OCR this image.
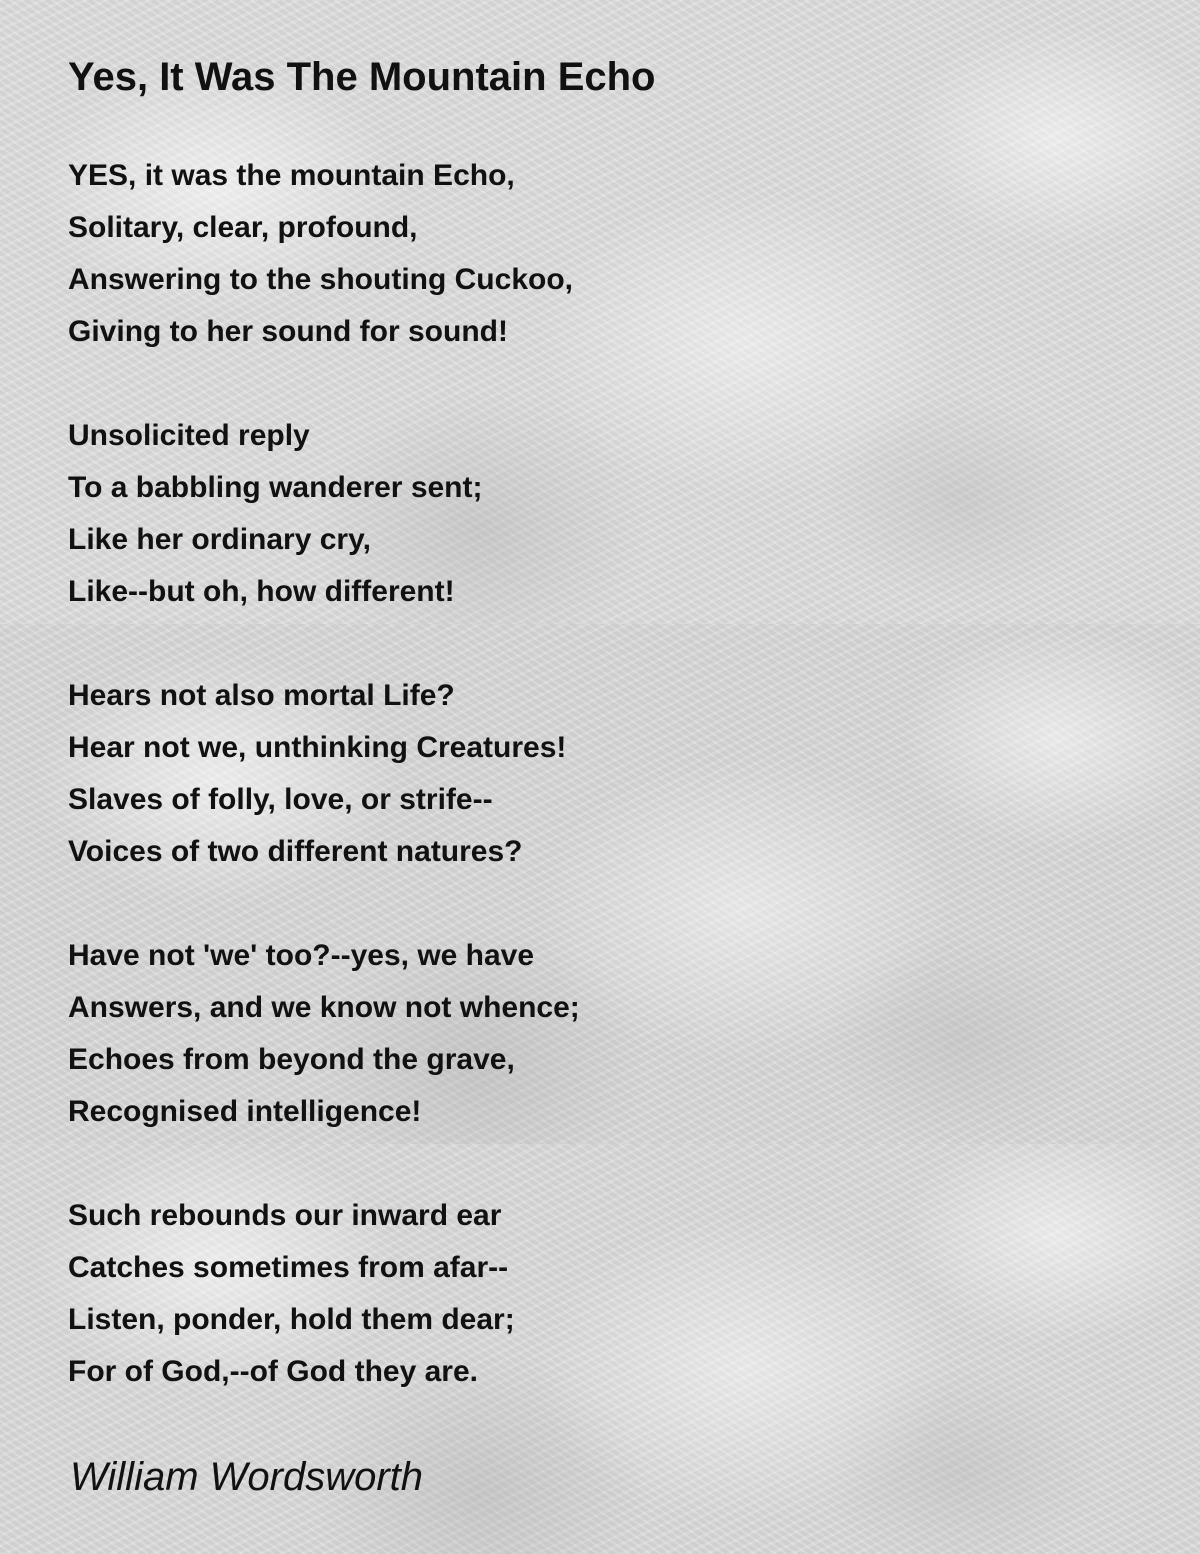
Yes, It Was The Mountain Echo
YES, it was the mountain Echo,
Solitary, clear, profound,
Answering to the shouting Cuckoo,
Giving to her sound for sound!
Unsolicited reply
To a babbling wanderer sent;
Like her ordinary cry,
Like--but oh, how different!
Hears not also mortal Life?
Hear not we, unthinking Creatures!
Slaves of folly, love, or strife--
Voices of two different natures?
Have not 'we' too?--yes, we have
Answers, and we know not whence;
Echoes from beyond the grave,
Recognised intelligence!
Such rebounds our inward ear
Catches sometimes from afar--
Listen, ponder, hold them dear;
For of God,--of God they are.
William Wordsworth
